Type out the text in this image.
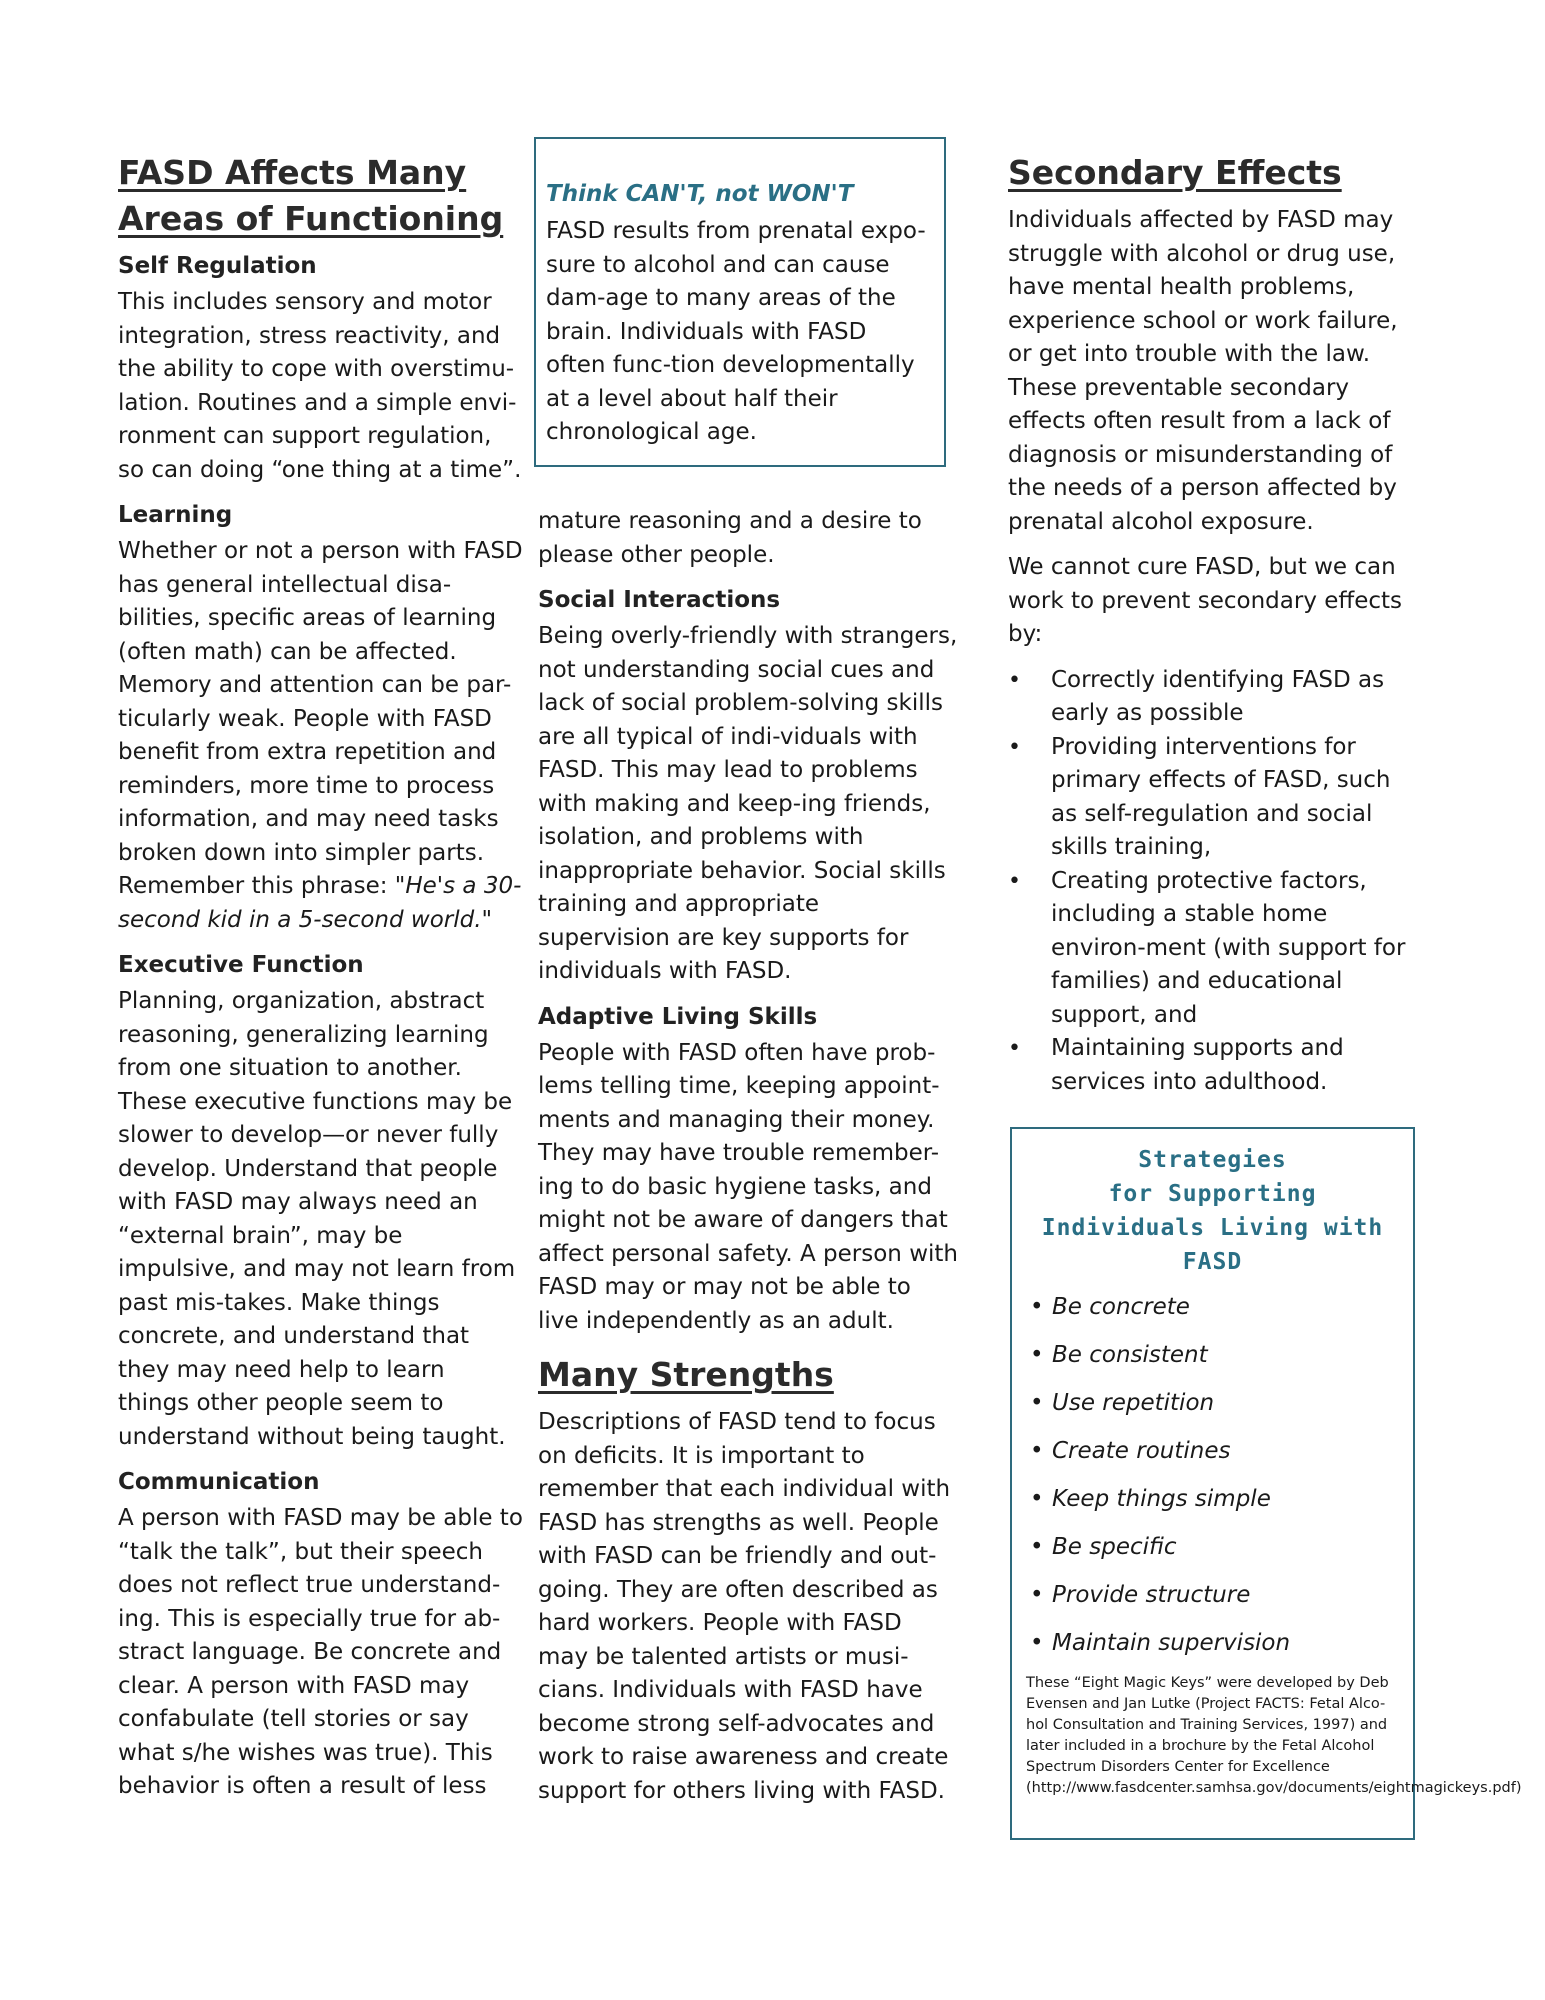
FASD Affects Many
Areas of Functioning
Self Regulation

This includes sensory and motor integration, stress reactivity, and the ability to cope with overstimu-lation. Routines and a simple envi-ronment can support regulation, so can doing “one thing at a time”.

Learning

Whether or not a person with FASD has general intellectual disa-bilities, specific areas of learning (often math) can be affected. Memory and attention can be par-ticularly weak. People with FASD benefit from extra repetition and reminders, more time to process information, and may need tasks broken down into simpler parts. Remember this phrase: "He's a 30-second kid in a 5-second world."

Executive Function

Planning, organization, abstract reasoning, generalizing learning from one situation to another. These executive functions may be slower to develop—or never fully develop. Understand that people with FASD may always need an “external brain”, may be impulsive, and may not learn from past mis-takes. Make things concrete, and understand that they may need help to learn things other people seem to understand without being taught.

Communication

A person with FASD may be able to “talk the talk”, but their speech does not reflect true understand-ing. This is especially true for ab-stract language. Be concrete and clear. A person with FASD may confabulate (tell stories or say what s/he wishes was true). This behavior is often a result of less

Think CAN'T, not WON'T

FASD results from prenatal expo-sure to alcohol and can cause dam-age to many areas of the brain. Individuals with FASD often func-tion developmentally at a level about half their chronological age.

mature reasoning and a desire to please other people.

Social Interactions

Being overly-friendly with strangers, not understanding social cues and lack of social problem-solving skills are all typical of indi-viduals with FASD. This may lead to problems with making and keep-ing friends, isolation, and problems with inappropriate behavior. Social skills training and appropriate supervision are key supports for individuals with FASD.

Adaptive Living Skills

People with FASD often have prob-lems telling time, keeping appoint-ments and managing their money. They may have trouble remember-ing to do basic hygiene tasks, and might not be aware of dangers that affect personal safety. A person with FASD may or may not be able to live independently as an adult.

Many Strengths

Descriptions of FASD tend to focus on deficits. It is important to remember that each individual with FASD has strengths as well. People with FASD can be friendly and out-going. They are often described as hard workers. People with FASD may be talented artists or musi-cians. Individuals with FASD have become strong self-advocates and work to raise awareness and create support for others living with FASD.

Secondary Effects

Individuals affected by FASD may struggle with alcohol or drug use, have mental health problems, experience school or work failure, or get into trouble with the law. These preventable secondary effects often result from a lack of diagnosis or misunderstanding of the needs of a person affected by prenatal alcohol exposure.

We cannot cure FASD, but we can work to prevent secondary effects by:

• Correctly identifying FASD as early as possible
• Providing interventions for primary effects of FASD, such as self-regulation and social skills training,
• Creating protective factors, including a stable home environ-ment (with support for families) and educational support, and
• Maintaining supports and services into adulthood.
Strategies
for Supporting
Individuals Living with
FASD
• Be concrete
• Be consistent
• Use repetition
• Create routines
• Keep things simple
• Be specific
• Provide structure
• Maintain supervision
These “Eight Magic Keys” were developed by Deb Evensen and Jan Lutke (Project FACTS: Fetal Alco-hol Consultation and Training Services, 1997) and later included in a brochure by the Fetal Alcohol Spectrum Disorders Center for Excellence (http://www.fasdcenter.samhsa.gov/documents/eightmagickeys.pdf)
